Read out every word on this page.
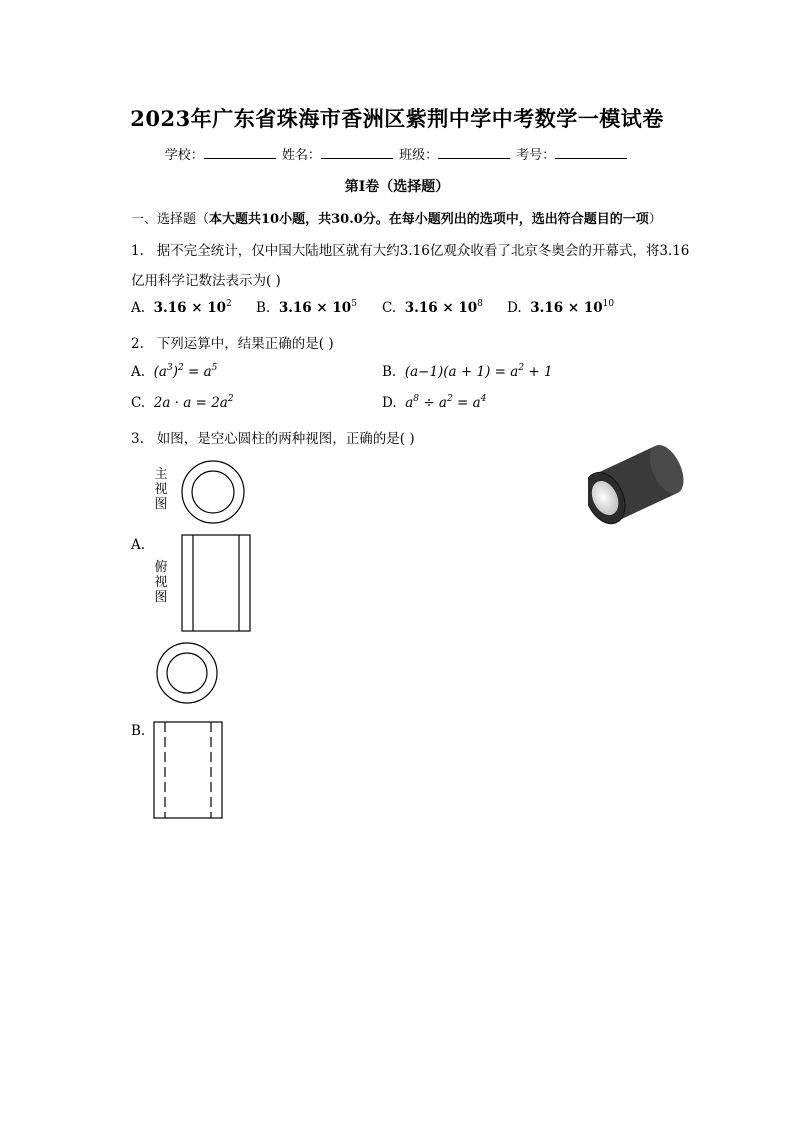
2023年广东省珠海市香洲区紫荆中学中考数学一模试卷
学校：	姓名：	班级：	考号：
第Ⅰ卷（选择题）
一、选择题（本大题共10小题，共30.0分。在每小题列出的选项中，选出符合题目的一项）
1. 据不完全统计，仅中国大陆地区就有大约3.16亿观众收看了北京冬奥会的开幕式，将3.16
亿用科学记数法表示为( )
A. $3.16 \times 10^2$ B. $3.16 \times 10^5$ C. $3.16 \times 10^8$ D. $3.16 \times 10^{10}$
2. 下列运算中，结果正确的是( )
A. $(a^3)^2 = a^5$	B. $(a-1)(a + 1) = a^2 + 1$
C. $2a \cdot a = 2a^2$	D. $a^8 \div a^2 = a^4$
3. 如图，是空心圆柱的两种视图，正确的是( )
主视图
A.
俯视图
B.
